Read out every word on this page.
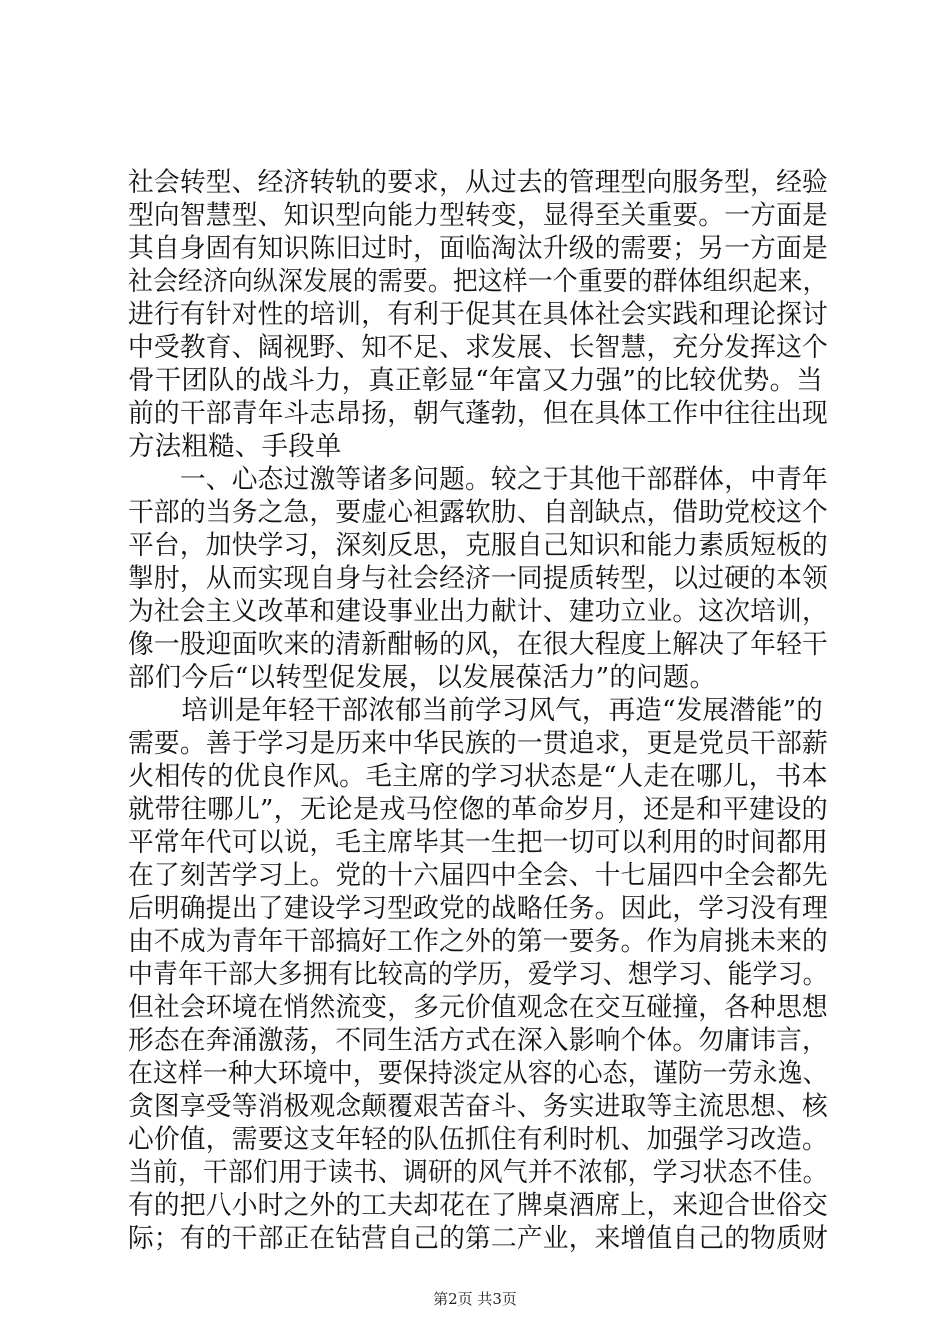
社会转型、经济转轨的要求，从过去的管理型向服务型，经验
型向智慧型、知识型向能力型转变，显得至关重要。一方面是
其自身固有知识陈旧过时，面临淘汰升级的需要；另一方面是
社会经济向纵深发展的需要。把这样一个重要的群体组织起来，
进行有针对性的培训，有利于促其在具体社会实践和理论探讨
中受教育、阔视野、知不足、求发展、长智慧，充分发挥这个
骨干团队的战斗力，真正彰显“年富又力强”的比较优势。当
前的干部青年斗志昂扬，朝气蓬勃，但在具体工作中往往出现
方法粗糙、手段单
　　一、心态过激等诸多问题。较之于其他干部群体，中青年
干部的当务之急，要虚心袒露软肋、自剖缺点，借助党校这个
平台，加快学习，深刻反思，克服自己知识和能力素质短板的
掣肘，从而实现自身与社会经济一同提质转型，以过硬的本领
为社会主义改革和建设事业出力献计、建功立业。这次培训，
像一股迎面吹来的清新酣畅的风，在很大程度上解决了年轻干
部们今后“以转型促发展，以发展葆活力”的问题。
　　培训是年轻干部浓郁当前学习风气，再造“发展潜能”的
需要。善于学习是历来中华民族的一贯追求，更是党员干部薪
火相传的优良作风。毛主席的学习状态是“人走在哪儿，书本
就带往哪儿”，无论是戎马倥偬的革命岁月，还是和平建设的
平常年代可以说，毛主席毕其一生把一切可以利用的时间都用
在了刻苦学习上。党的十六届四中全会、十七届四中全会都先
后明确提出了建设学习型政党的战略任务。因此，学习没有理
由不成为青年干部搞好工作之外的第一要务。作为肩挑未来的
中青年干部大多拥有比较高的学历，爱学习、想学习、能学习。
但社会环境在悄然流变，多元价值观念在交互碰撞，各种思想
形态在奔涌激荡，不同生活方式在深入影响个体。勿庸讳言，
在这样一种大环境中，要保持淡定从容的心态，谨防一劳永逸、
贪图享受等消极观念颠覆艰苦奋斗、务实进取等主流思想、核
心价值，需要这支年轻的队伍抓住有利时机、加强学习改造。
当前，干部们用于读书、调研的风气并不浓郁，学习状态不佳。
有的把八小时之外的工夫却花在了牌桌酒席上，来迎合世俗交
际；有的干部正在钻营自己的第二产业，来增值自己的物质财
第2页 共3页
